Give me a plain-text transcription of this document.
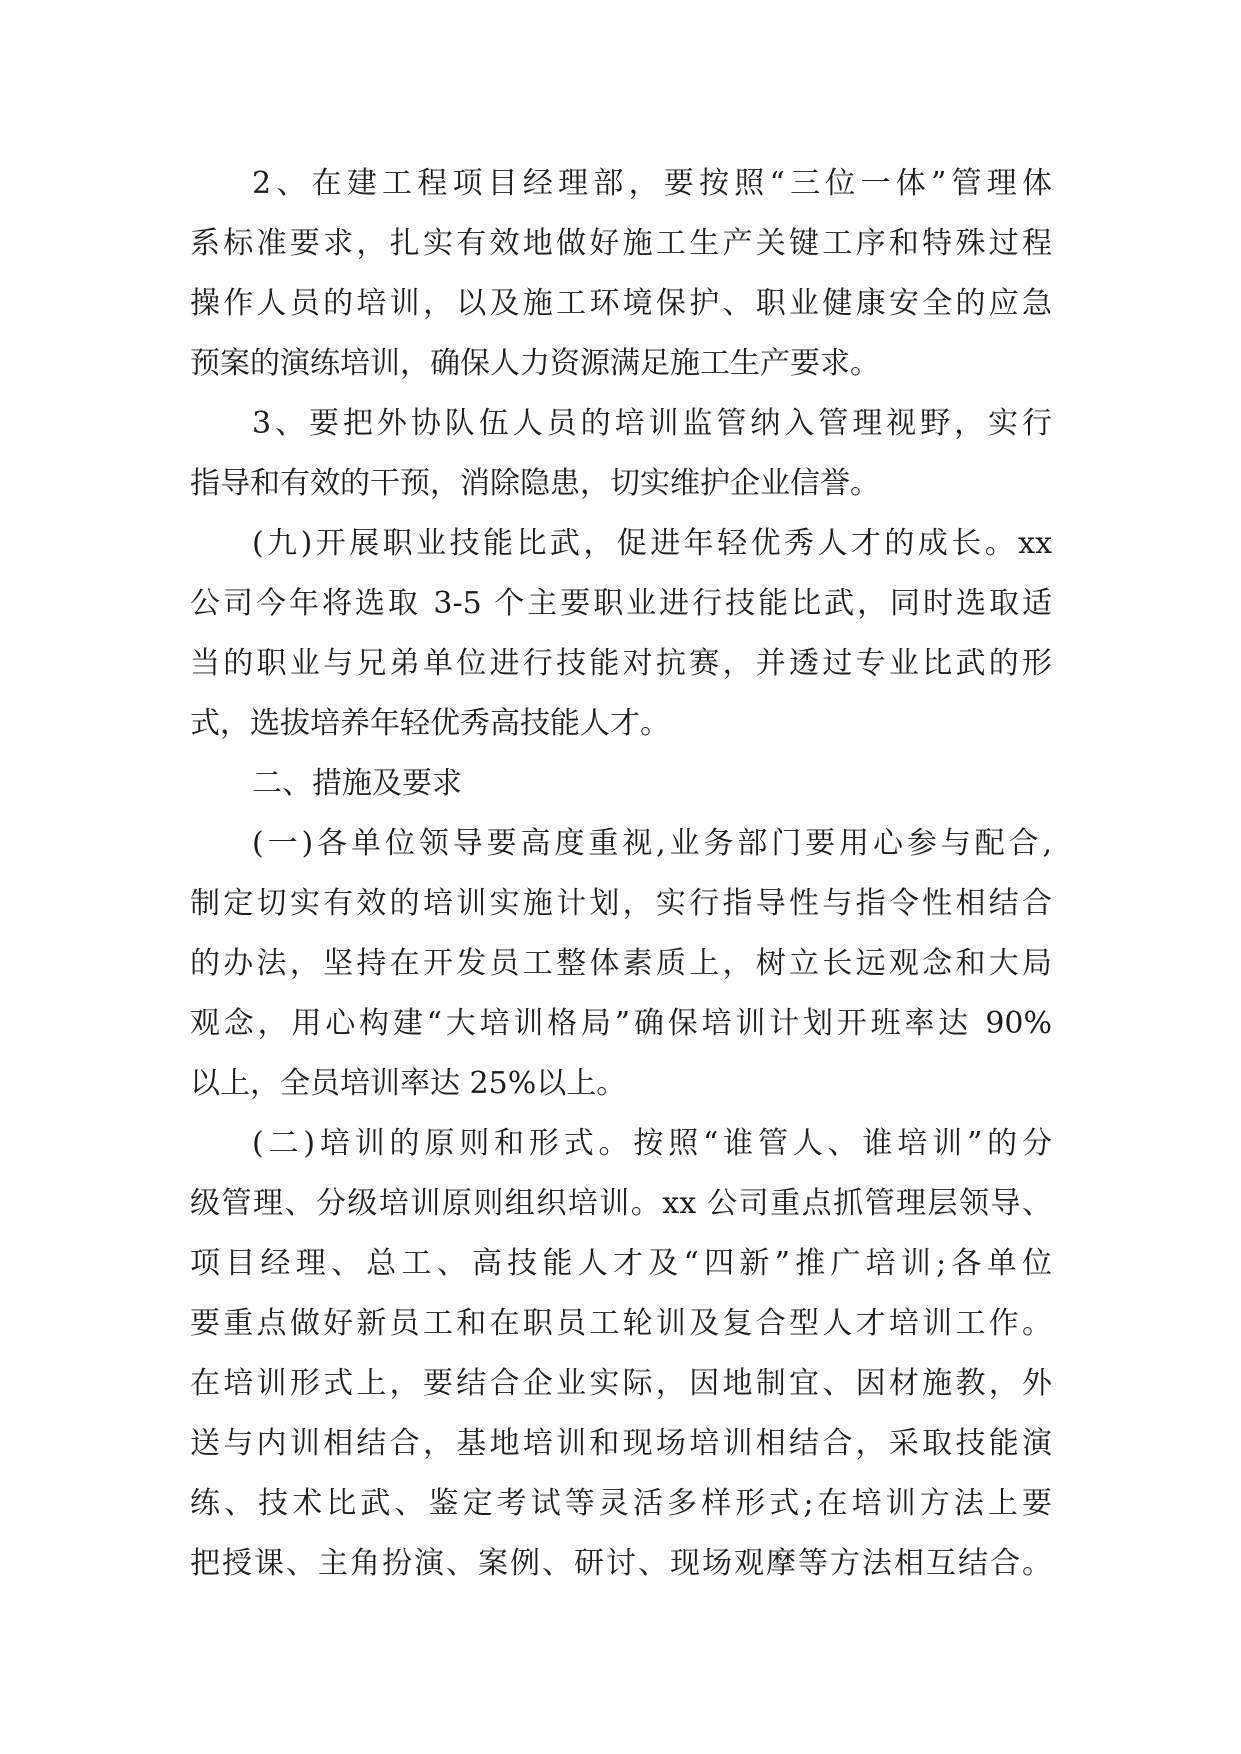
2、在建工程项目经理部，要按照“三位一体”管理体
系标准要求，扎实有效地做好施工生产关键工序和特殊过程
操作人员的培训，以及施工环境保护、职业健康安全的应急
预案的演练培训，确保人力资源满足施工生产要求。
3、要把外协队伍人员的培训监管纳入管理视野，实行
指导和有效的干预，消除隐患，切实维护企业信誉。
(九)开展职业技能比武，促进年轻优秀人才的成长。xx
公司今年将选取 3-5 个主要职业进行技能比武，同时选取适
当的职业与兄弟单位进行技能对抗赛，并透过专业比武的形
式，选拔培养年轻优秀高技能人才。
二、措施及要求
(一)各单位领导要高度重视,业务部门要用心参与配合,
制定切实有效的培训实施计划，实行指导性与指令性相结合
的办法，坚持在开发员工整体素质上，树立长远观念和大局
观念，用心构建“大培训格局”确保培训计划开班率达 90%
以上，全员培训率达 25%以上。
(二)培训的原则和形式。按照“谁管人、谁培训”的分
级管理、分级培训原则组织培训。xx 公司重点抓管理层领导、
项目经理、总工、高技能人才及“四新”推广培训;各单位
要重点做好新员工和在职员工轮训及复合型人才培训工作。
在培训形式上，要结合企业实际，因地制宜、因材施教，外
送与内训相结合，基地培训和现场培训相结合，采取技能演
练、技术比武、鉴定考试等灵活多样形式;在培训方法上要
把授课、主角扮演、案例、研讨、现场观摩等方法相互结合。
